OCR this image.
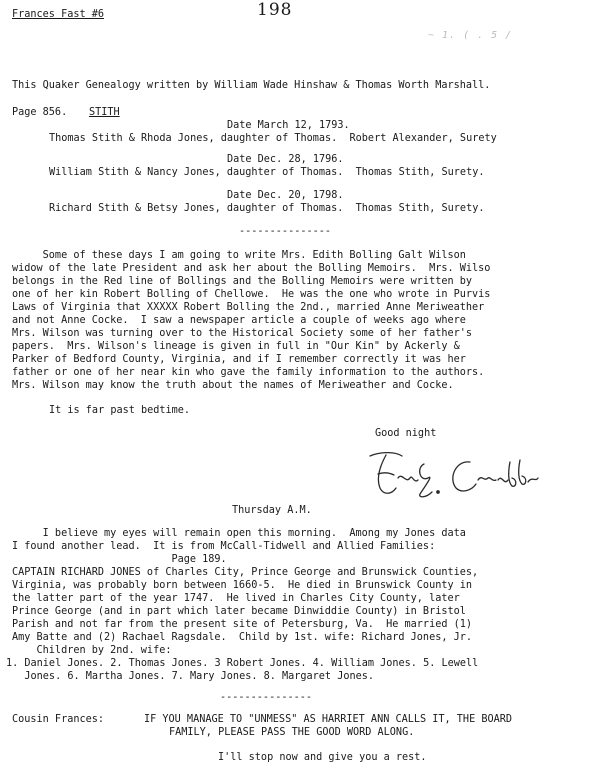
Frances Fast #6	198
~ 1. ( . 5 /
This Quaker Genealogy written by William Wade Hinshaw & Thomas Worth Marshall.
Page 856. STITH
Date March 12, 1793.
Thomas Stith & Rhoda Jones, daughter of Thomas.  Robert Alexander, Surety
Date Dec. 28, 1796.
William Stith & Nancy Jones, daughter of Thomas.  Thomas Stith, Surety.
Date Dec. 20, 1798.
Richard Stith & Betsy Jones, daughter of Thomas.  Thomas Stith, Surety.
---------------
Some of these days I am going to write Mrs. Edith Bolling Galt Wilson
widow of the late President and ask her about the Bolling Memoirs.  Mrs. Wilso
belongs in the Red line of Bollings and the Bolling Memoirs were written by
one of her kin Robert Bolling of Chellowe.  He was the one who wrote in Purvis
Laws of Virginia that XXXXX Robert Bolling the 2nd., married Anne Meriweather
and not Anne Cocke.  I saw a newspaper article a couple of weeks ago where
Mrs. Wilson was turning over to the Historical Society some of her father's
papers.  Mrs. Wilson's lineage is given in full in "Our Kin" by Ackerly &
Parker of Bedford County, Virginia, and if I remember correctly it was her
father or one of her near kin who gave the family information to the authors.
Mrs. Wilson may know the truth about the names of Meriweather and Cocke.
It is far past bedtime.
Good night
Thursday A.M.
I believe my eyes will remain open this morning.  Among my Jones data
I found another lead.  It is from McCall-Tidwell and Allied Families:
Page 189.
CAPTAIN RICHARD JONES of Charles City, Prince George and Brunswick Counties,
Virginia, was probably born between 1660-5.  He died in Brunswick County in
the latter part of the year 1747.  He lived in Charles City County, later
Prince George (and in part which later became Dinwiddie County) in Bristol
Parish and not far from the present site of Petersburg, Va.  He married (1)
Amy Batte and (2) Rachael Ragsdale.  Child by 1st. wife: Richard Jones, Jr.
Children by 2nd. wife:
1. Daniel Jones. 2. Thomas Jones. 3 Robert Jones. 4. William Jones. 5. Lewell
Jones. 6. Martha Jones. 7. Mary Jones. 8. Margaret Jones.
---------------
Cousin Frances:	IF YOU MANAGE TO "UNMESS" AS HARRIET ANN CALLS IT, THE BOARD
FAMILY, PLEASE PASS THE GOOD WORD ALONG.
I'll stop now and give you a rest.
